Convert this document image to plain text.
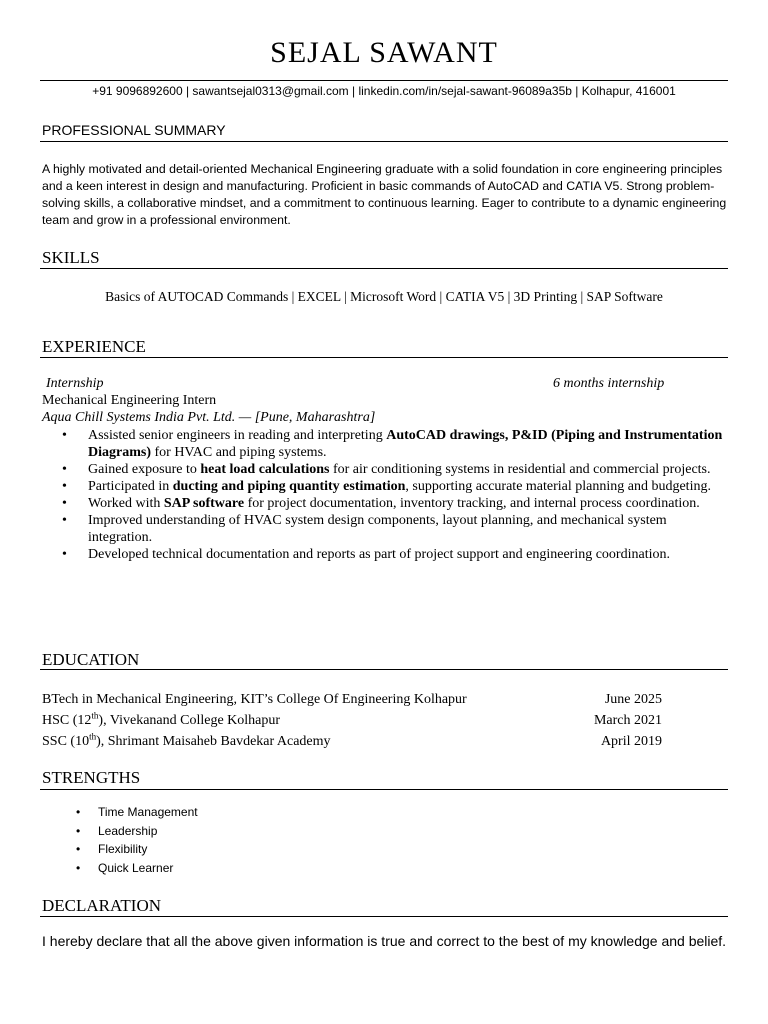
SEJAL SAWANT
+91 9096892600 | sawantsejal0313@gmail.com | linkedin.com/in/sejal-sawant-96089a35b | Kolhapur, 416001
PROFESSIONAL SUMMARY
A highly motivated and detail-oriented Mechanical Engineering graduate with a solid foundation in core engineering principles and a keen interest in design and manufacturing. Proficient in basic commands of AutoCAD and CATIA V5. Strong problem-solving skills, a collaborative mindset, and a commitment to continuous learning. Eager to contribute to a dynamic engineering team and grow in a professional environment.
SKILLS
Basics of AUTOCAD Commands | EXCEL | Microsoft Word | CATIA V5 | 3D Printing | SAP Software
EXPERIENCE
Internship	6 months internship
Mechanical Engineering Intern
Aqua Chill Systems India Pvt. Ltd. — [Pune, Maharashtra]
• Assisted senior engineers in reading and interpreting AutoCAD drawings, P&ID (Piping and Instrumentation Diagrams) for HVAC and piping systems.
• Gained exposure to heat load calculations for air conditioning systems in residential and commercial projects.
• Participated in ducting and piping quantity estimation, supporting accurate material planning and budgeting.
• Worked with SAP software for project documentation, inventory tracking, and internal process coordination.
• Improved understanding of HVAC system design components, layout planning, and mechanical system integration.
• Developed technical documentation and reports as part of project support and engineering coordination.
EDUCATION
BTech in Mechanical Engineering, KIT’s College Of Engineering Kolhapur	June 2025
HSC (12th), Vivekanand College Kolhapur	March 2021
SSC (10th), Shrimant Maisaheb Bavdekar Academy	April 2019
STRENGTHS
• Time Management
• Leadership
• Flexibility
• Quick Learner
DECLARATION
I hereby declare that all the above given information is true and correct to the best of my knowledge and belief.
